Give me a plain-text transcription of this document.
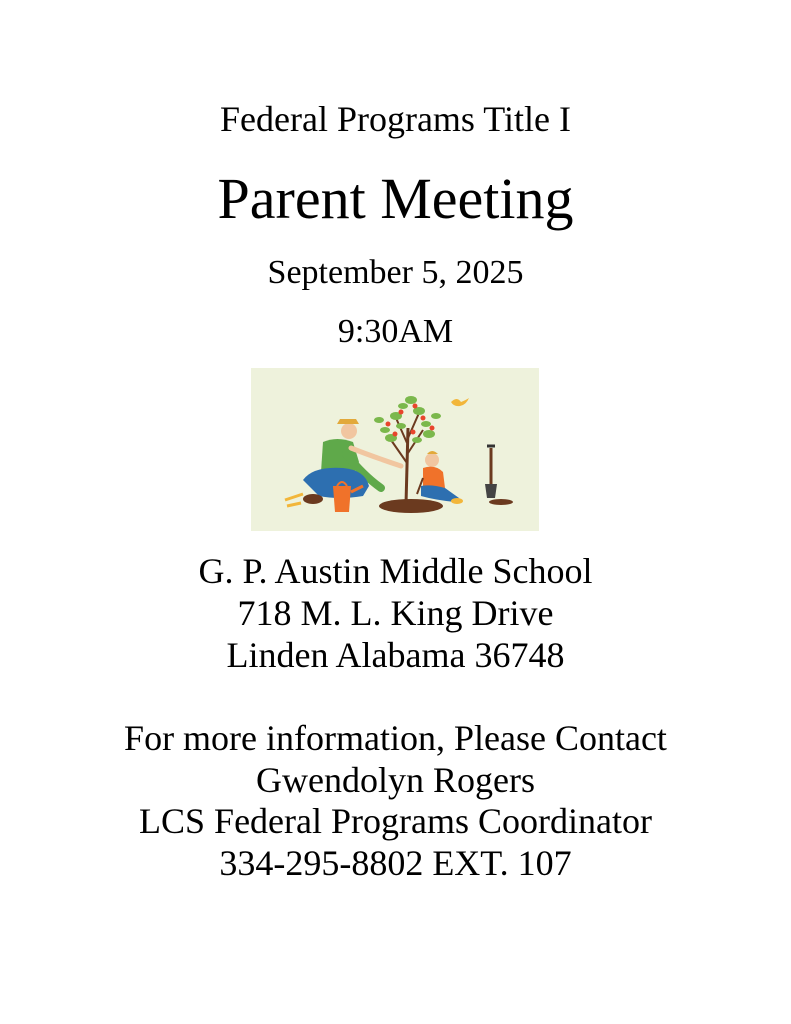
Federal Programs Title I
Parent Meeting
September 5, 2025
9:30AM
G. P. Austin Middle School
718 M. L. King Drive
Linden Alabama 36748
For more information, Please Contact
Gwendolyn Rogers
LCS Federal Programs Coordinator
334-295-8802 EXT. 107
